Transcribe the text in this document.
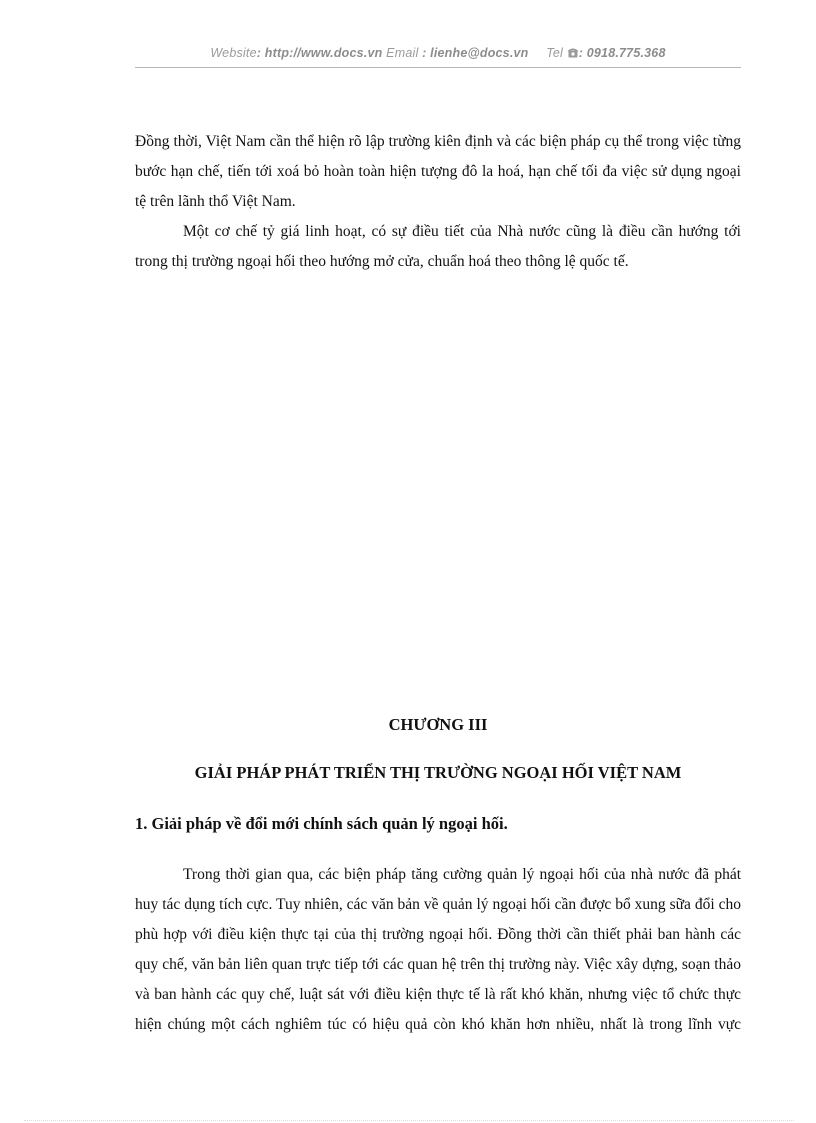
Website: http://www.docs.vn Email : lienhe@docs.vn Tel : 0918.775.368

Đồng thời, Việt Nam cần thể hiện rõ lập trường kiên định và các biện pháp cụ thể trong việc từng bước hạn chế, tiến tới xoá bỏ hoàn toàn hiện tượng đô la hoá, hạn chế tối đa việc sử dụng ngoại tệ trên lãnh thổ Việt Nam.

Một cơ chế tỷ giá linh hoạt, có sự điều tiết của Nhà nước cũng là điều cần hướng tới trong thị trường ngoại hối theo hướng mở cửa, chuẩn hoá theo thông lệ quốc tế.

CHƯƠNG III
GIẢI PHÁP PHÁT TRIỂN THỊ TRƯỜNG NGOẠI HỐI VIỆT NAM
1. Giải pháp về đổi mới chính sách quản lý ngoại hối.

Trong thời gian qua, các biện pháp tăng cường quản lý ngoại hối của nhà nước đã phát huy tác dụng tích cực. Tuy nhiên, các văn bản về quản lý ngoại hối cần được bổ xung sữa đổi cho phù hợp với điều kiện thực tại của thị trường ngoại hối. Đồng thời cần thiết phải ban hành các quy chế, văn bản liên quan trực tiếp tới các quan hệ trên thị trường này. Việc xây dựng, soạn thảo và ban hành các quy chế, luật sát với điều kiện thực tế là rất khó khăn, nhưng việc tổ chức thực hiện chúng một cách nghiêm túc có hiệu quả còn khó khăn hơn nhiều, nhất là trong lĩnh vực
